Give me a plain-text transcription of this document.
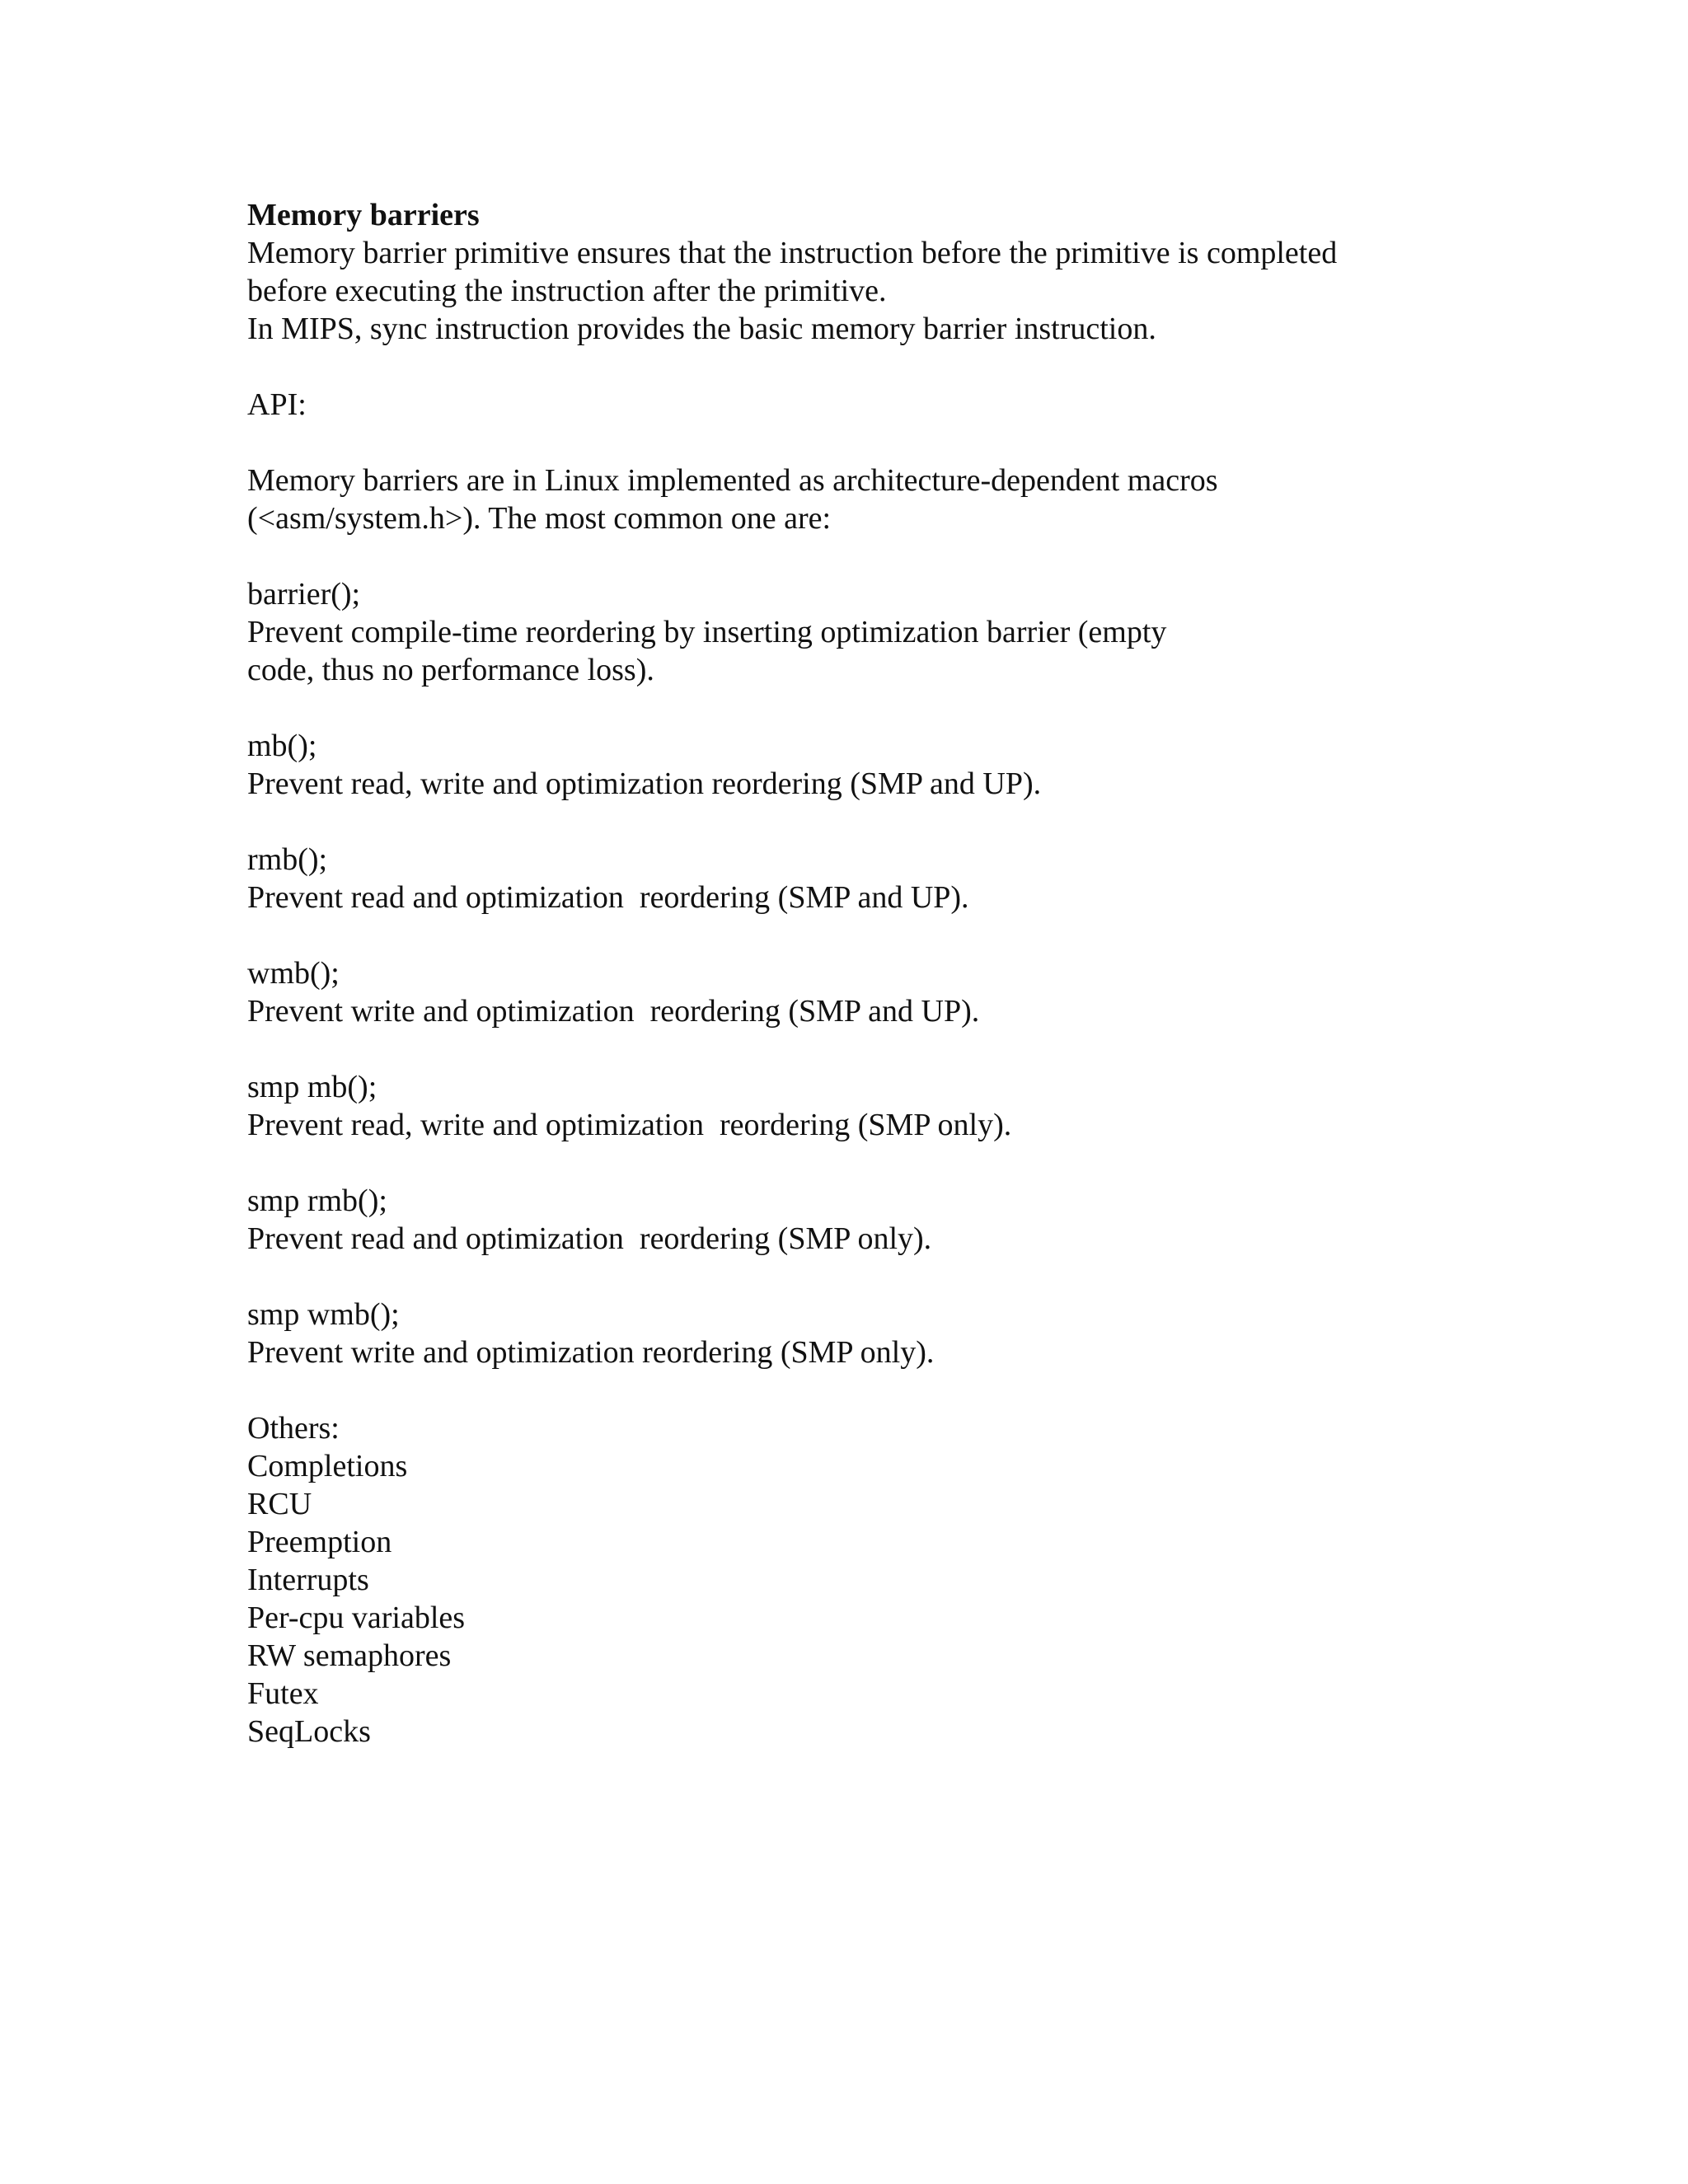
Memory barriers
Memory barrier primitive ensures that the instruction before the primitive is completed
before executing the instruction after the primitive.
In MIPS, sync instruction provides the basic memory barrier instruction.
API:
Memory barriers are in Linux implemented as architecture-dependent macros
(<asm/system.h>). The most common one are:
barrier();
Prevent compile-time reordering by inserting optimization barrier (empty
code, thus no performance loss).
mb();
Prevent read, write and optimization reordering (SMP and UP).
rmb();
Prevent read and optimization  reordering (SMP and UP).
wmb();
Prevent write and optimization  reordering (SMP and UP).
smp mb();
Prevent read, write and optimization  reordering (SMP only).
smp rmb();
Prevent read and optimization  reordering (SMP only).
smp wmb();
Prevent write and optimization reordering (SMP only).
Others:
Completions
RCU
Preemption
Interrupts
Per-cpu variables
RW semaphores
Futex
SeqLocks
